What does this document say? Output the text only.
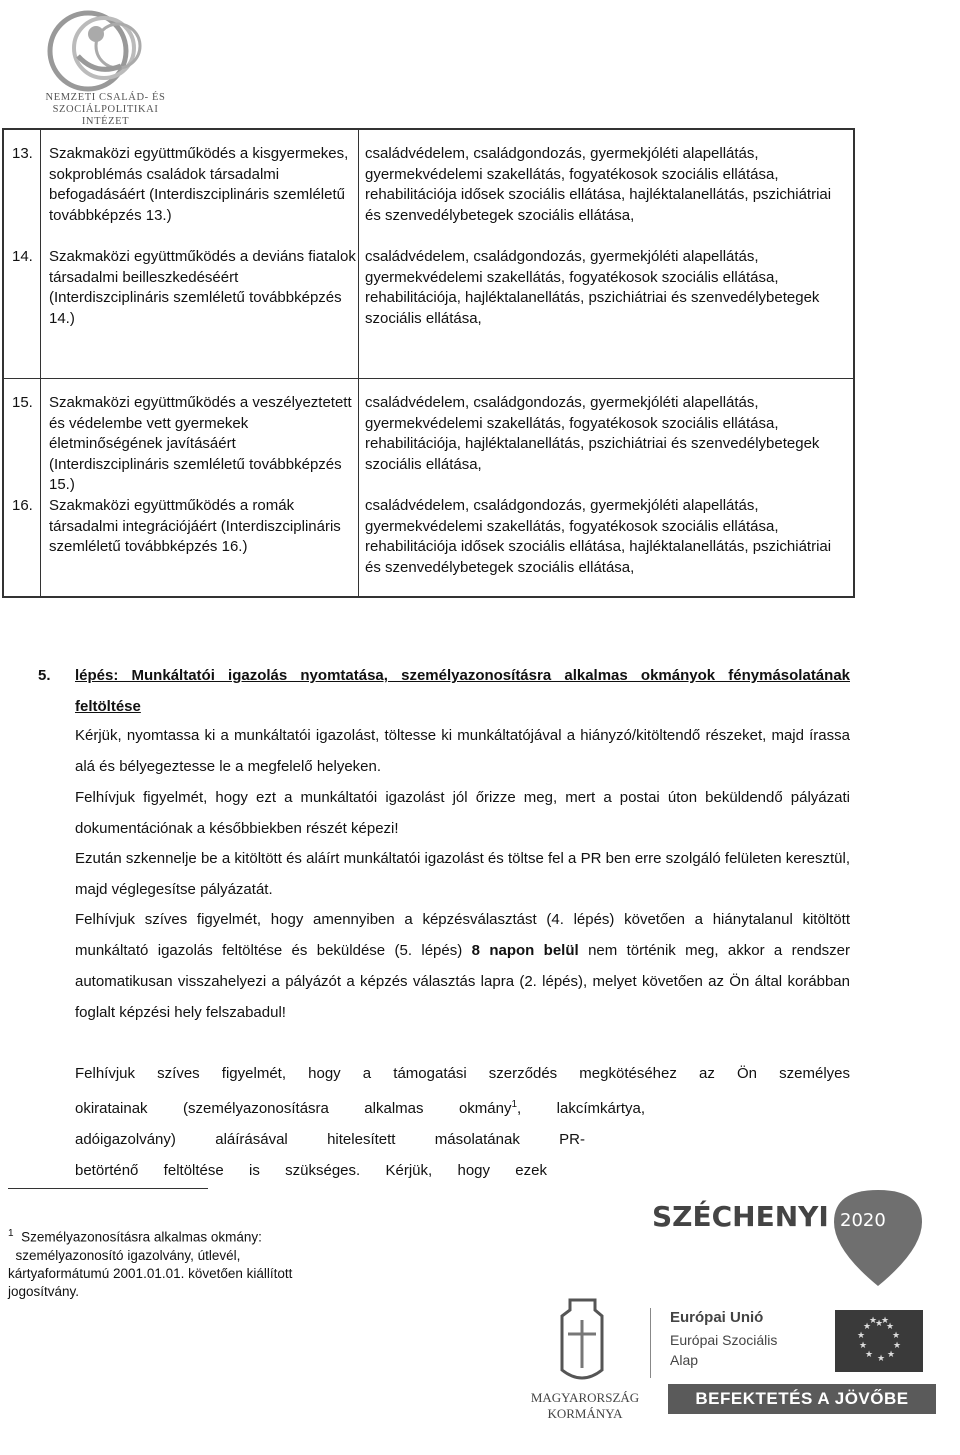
NEMZETI CSALÁD- ÉS
SZOCIÁLPOLITIKAI INTÉZET
13. Szakmaközi együttműködés a kisgyermekes, sokproblémás családok társadalmi befogadásáért (Interdiszciplináris szemléletű továbbképzés 13.)
családvédelem, családgondozás, gyermekjóléti alapellátás, gyermekvédelemi szakellátás, fogyatékosok szociális ellátása, rehabilitációja idősek szociális ellátása, hajléktalanellátás, pszichiátriai és szenvedélybetegek szociális ellátása,
14. Szakmaközi együttműködés a deviáns fiatalok társadalmi beilleszkedéséért (Interdiszciplináris szemléletű továbbképzés 14.)
családvédelem, családgondozás, gyermekjóléti alapellátás, gyermekvédelemi szakellátás, fogyatékosok szociális ellátása, rehabilitációja, hajléktalanellátás, pszichiátriai és szenvedélybetegek szociális ellátása,
15. Szakmaközi együttműködés a veszélyeztetett és védelembe vett gyermekek életminőségének javításáért (Interdiszciplináris szemléletű továbbképzés 15.)
családvédelem, családgondozás, gyermekjóléti alapellátás, gyermekvédelemi szakellátás, fogyatékosok szociális ellátása, rehabilitációja, hajléktalanellátás, pszichiátriai és szenvedélybetegek szociális ellátása,
16. Szakmaközi együttműködés a romák társadalmi integrációjáért (Interdiszciplináris szemléletű továbbképzés 16.)
családvédelem, családgondozás, gyermekjóléti alapellátás, gyermekvédelemi szakellátás, fogyatékosok szociális ellátása, rehabilitációja idősek szociális ellátása, hajléktalanellátás, pszichiátriai és szenvedélybetegek szociális ellátása,
5. lépés: Munkáltatói igazolás nyomtatása, személyazonosításra alkalmas okmányok fénymásolatának feltöltése
Kérjük, nyomtassa ki a munkáltatói igazolást, töltesse ki munkáltatójával a hiányzó/kitöltendő részeket, majd írassa alá és bélyegeztesse le a megfelelő helyeken.
Felhívjuk figyelmét, hogy ezt a munkáltatói igazolást jól őrizze meg, mert a postai úton beküldendő pályázati dokumentációnak a későbbiekben részét képezi!
Ezután szkennelje be a kitöltött és aláírt munkáltatói igazolást és töltse fel a PR ben erre szolgáló felületen keresztül, majd véglegesítse pályázatát.
Felhívjuk szíves figyelmét, hogy amennyiben a képzésválasztást (4. lépés) követően a hiánytalanul kitöltött munkáltató igazolás feltöltése és beküldése (5. lépés) 8 napon belül nem történik meg, akkor a rendszer automatikusan visszahelyezi a pályázót a képzés választás lapra (2. lépés), melyet követően az Ön által korábban foglalt képzési hely felszabadul!
Felhívjuk szíves figyelmét, hogy a támogatási szerződés megkötéséhez az Ön személyes
okiratainak (személyazonosításra alkalmas okmány$^1$, lakcímkártya,
adóigazolvány) aláírásával hitelesített másolatának PR-
betörténő feltöltése is szükséges. Kérjük, hogy ezek
$^1$ Személyazonosításra alkalmas okmány:
személyazonosító igazolvány, útlevél,
kártyaformátumú 2001.01.01. követően kiállított
jogosítvány.
SZÉCHENYI 2020
MAGYARORSZÁG
KORMÁNYA
Európai Unió
Európai Szociális
Alap
★ ★
★
★
★
★
★
★
★
★
★ ★
BEFEKTETÉS A JÖVŐBE
